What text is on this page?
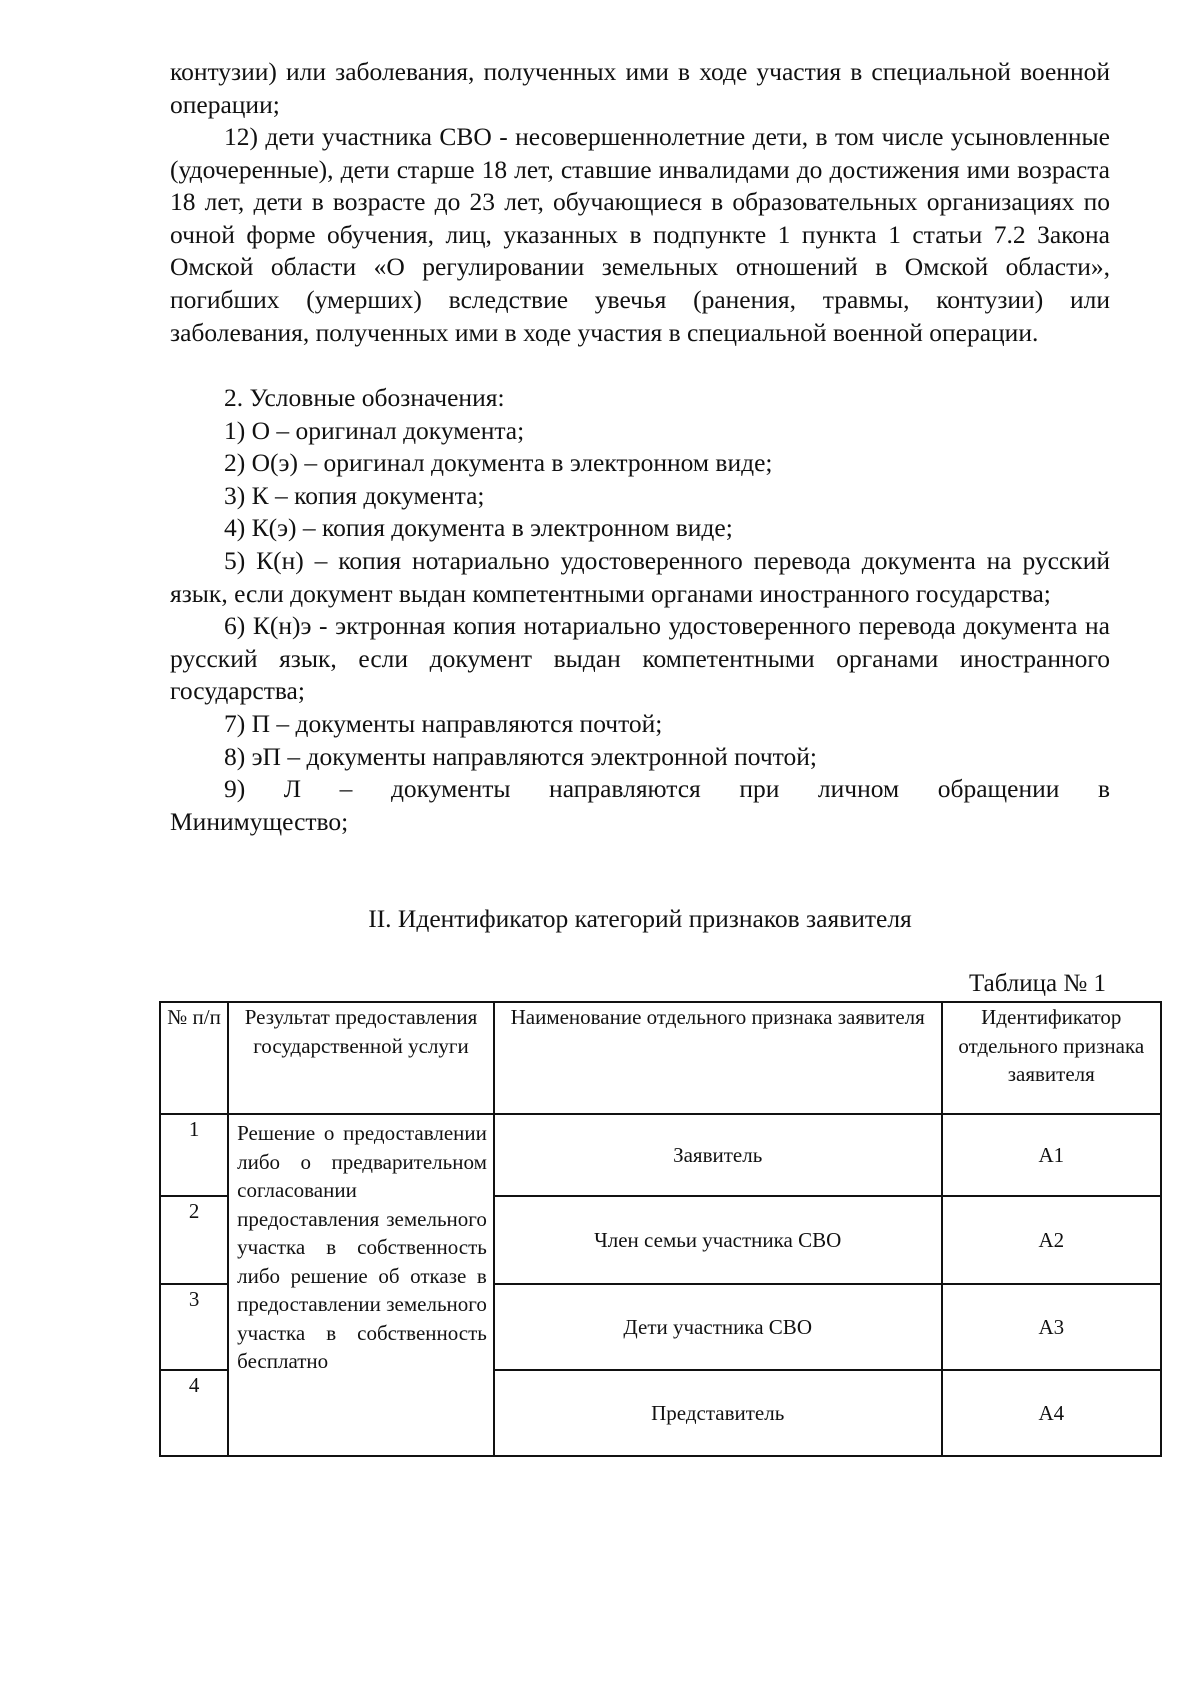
контузии) или заболевания, полученных ими в ходе участия в специальной военной операции;
12) дети участника СВО - несовершеннолетние дети, в том числе усыновленные (удочеренные), дети старше 18 лет, ставшие инвалидами до достижения ими возраста 18 лет, дети в возрасте до 23 лет, обучающиеся в образовательных организациях по очной форме обучения, лиц, указанных в подпункте 1 пункта 1 статьи 7.2 Закона Омской области «О регулировании земельных отношений в Омской области», погибших (умерших) вследствие увечья (ранения, травмы, контузии) или заболевания, полученных ими в ходе участия в специальной военной операции.
2. Условные обозначения:
1) О – оригинал документа;
2) О(э) – оригинал документа в электронном виде;
3) К – копия документа;
4) К(э) – копия документа в электронном виде;
5) К(н) – копия нотариально удостоверенного перевода документа на русский язык, если документ выдан компетентными органами иностранного государства;
6) К(н)э - эктронная копия нотариально удостоверенного перевода документа на русский язык, если документ выдан компетентными органами иностранного государства;
7) П – документы направляются почтой;
8) эП – документы направляются электронной почтой;
9) Л – документы направляются при личном обращении в
Минимущество;
II. Идентификатор категорий признаков заявителя
Таблица № 1
№ п/п	Результат предоставления государственной услуги	Наименование отдельного признака заявителя	Идентификатор отдельного признака заявителя
1	Решение о предоставлении либо о предварительном согласовании предоставления земельного участка в собственность либо решение об отказе в предоставлении земельного участка в собственность бесплатно	Заявитель	А1
2		Член семьи участника СВО	А2
3		Дети участника СВО	А3
4		Представитель	А4
